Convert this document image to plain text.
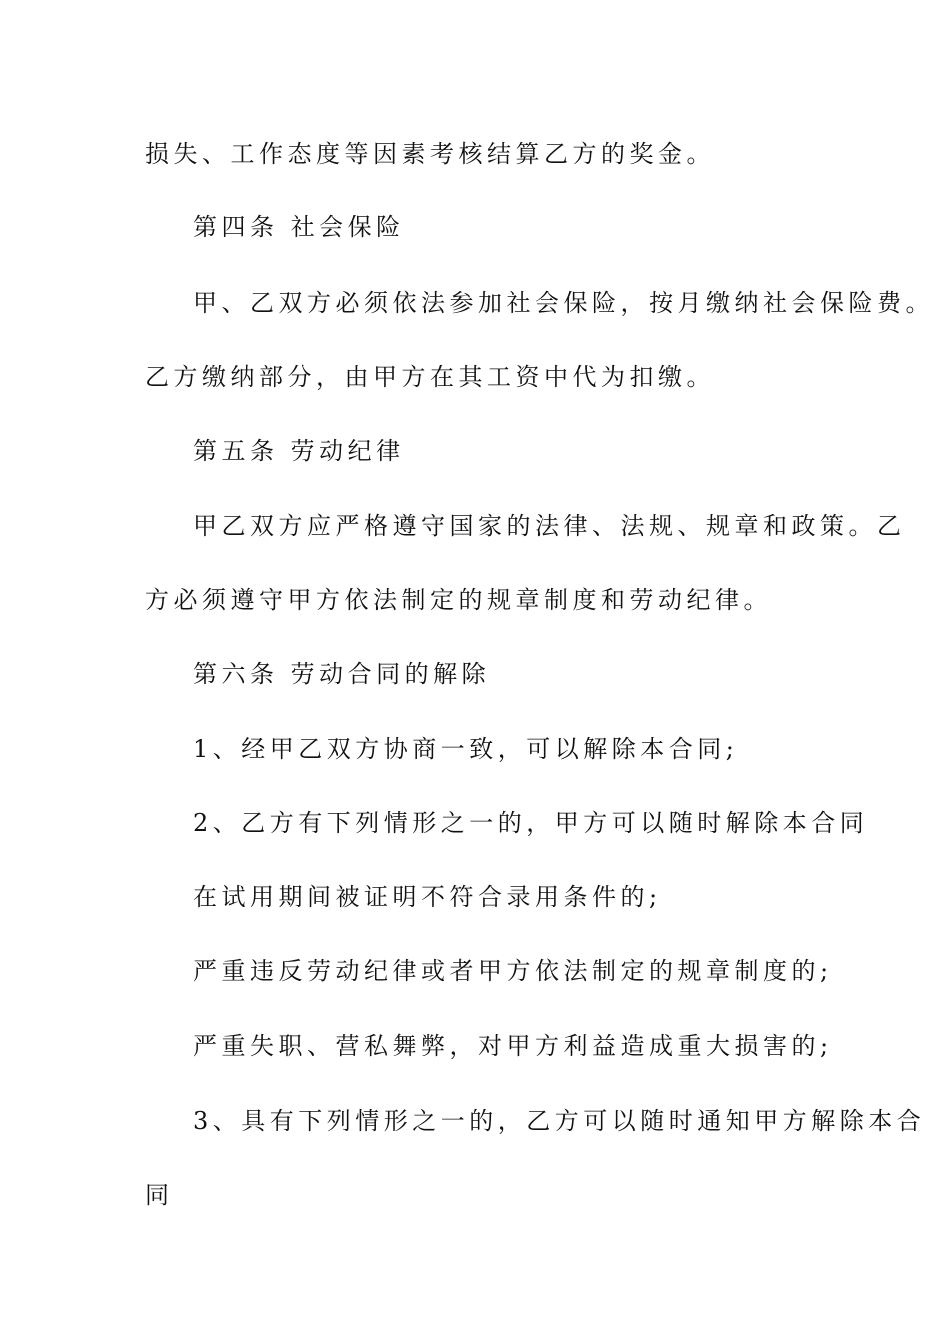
损失、工作态度等因素考核结算乙方的奖金。
第四条 社会保险
甲、乙双方必须依法参加社会保险，按月缴纳社会保险费。
乙方缴纳部分，由甲方在其工资中代为扣缴。
第五条 劳动纪律
甲乙双方应严格遵守国家的法律、法规、规章和政策。乙
方必须遵守甲方依法制定的规章制度和劳动纪律。
第六条 劳动合同的解除
1、经甲乙双方协商一致，可以解除本合同;
2、乙方有下列情形之一的，甲方可以随时解除本合同
在试用期间被证明不符合录用条件的;
严重违反劳动纪律或者甲方依法制定的规章制度的;
严重失职、营私舞弊，对甲方利益造成重大损害的;
3、具有下列情形之一的，乙方可以随时通知甲方解除本合
同
